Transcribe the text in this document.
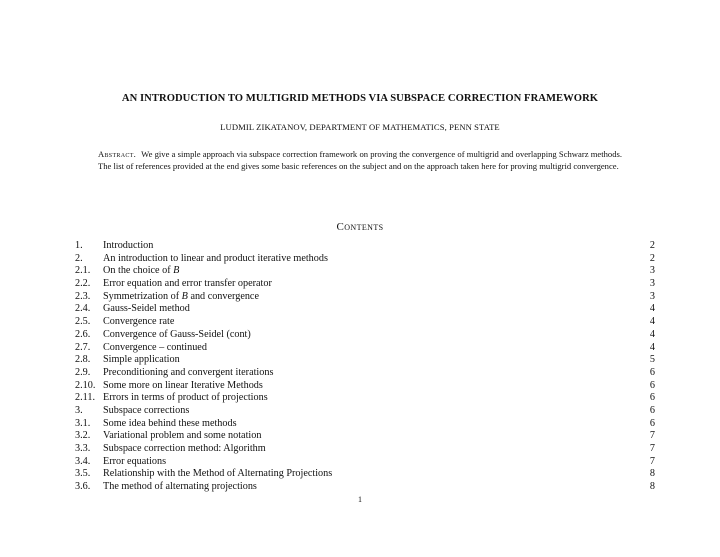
AN INTRODUCTION TO MULTIGRID METHODS VIA SUBSPACE CORRECTION FRAMEWORK
LUDMIL ZIKATANOV, DEPARTMENT OF MATHEMATICS, PENN STATE
Abstract. We give a simple approach via subspace correction framework on proving the convergence of multigrid and overlapping Schwarz methods. The list of references provided at the end gives some basic references on the subject and on the approach taken here for proving multigrid convergence.
Contents
1.	Introduction	2
2.	An introduction to linear and product iterative methods	2
2.1.	On the choice of B	3
2.2.	Error equation and error transfer operator	3
2.3.	Symmetrization of B and convergence	3
2.4.	Gauss-Seidel method	4
2.5.	Convergence rate	4
2.6.	Convergence of Gauss-Seidel (cont)	4
2.7.	Convergence – continued	4
2.8.	Simple application	5
2.9.	Preconditioning and convergent iterations	6
2.10. Some more on linear Iterative Methods	6
2.11. Errors in terms of product of projections	6
3.	Subspace corrections	6
3.1.	Some idea behind these methods	6
3.2.	Variational problem and some notation	7
3.3.	Subspace correction method: Algorithm	7
3.4.	Error equations	7
3.5.	Relationship with the Method of Alternating Projections	8
3.6.	The method of alternating projections	8
1
